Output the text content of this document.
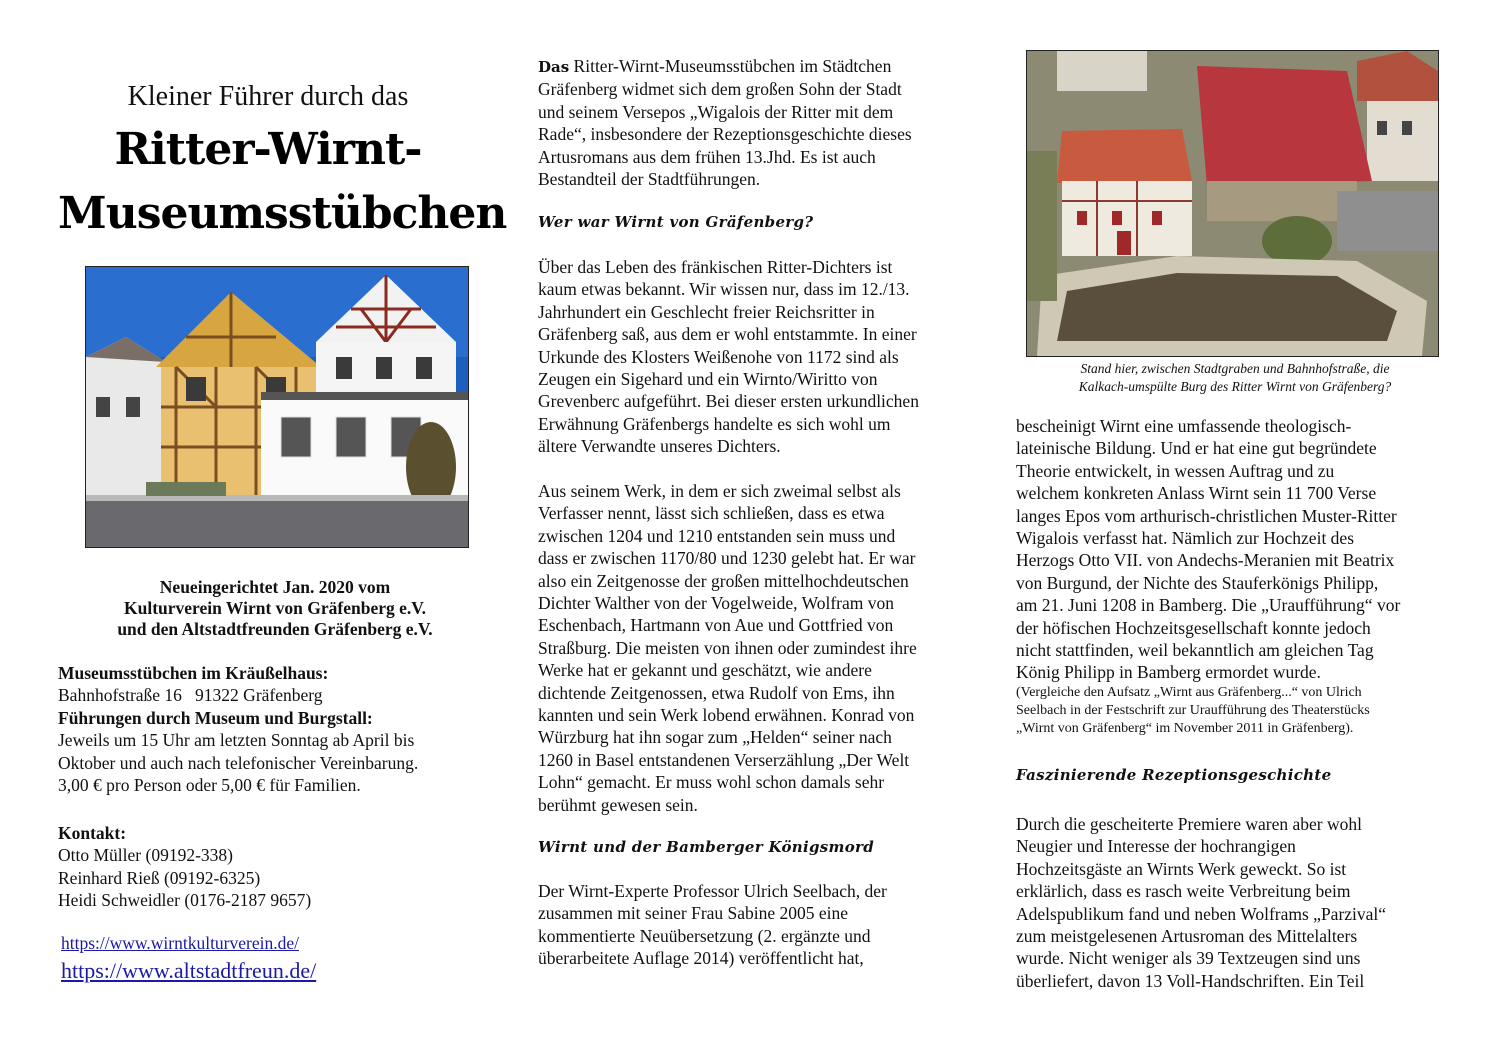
Kleiner Führer durch das
Ritter-Wirnt-
Museumsstübchen
Neueingerichtet Jan. 2020 vom
Kulturverein Wirnt von Gräfenberg e.V.
und den Altstadtfreunden Gräfenberg e.V.
Museumsstübchen im Kräußelhaus:
Bahnhofstraße 16   91322 Gräfenberg
Führungen durch Museum und Burgstall:
Jeweils um 15 Uhr am letzten Sonntag ab April bis
Oktober und auch nach telefonischer Vereinbarung.
3,00 € pro Person oder 5,00 € für Familien.
Kontakt:
Otto Müller (09192-338)
Reinhard Rieß (09192-6325)
Heidi Schweidler (0176-2187 9657)
https://www.wirntkulturverein.de/
https://www.altstadtfreun.de/
Das Ritter-Wirnt-Museumsstübchen im Städtchen
Gräfenberg widmet sich dem großen Sohn der Stadt
und seinem Versepos „Wigalois der Ritter mit dem
Rade“, insbesondere der Rezeptionsgeschichte dieses
Artusromans aus dem frühen 13.Jhd. Es ist auch
Bestandteil der Stadtführungen.
Wer war Wirnt von Gräfenberg?
Über das Leben des fränkischen Ritter-Dichters ist
kaum etwas bekannt. Wir wissen nur, dass im 12./13.
Jahrhundert ein Geschlecht freier Reichsritter in
Gräfenberg saß, aus dem er wohl entstammte. In einer
Urkunde des Klosters Weißenohe von 1172 sind als
Zeugen ein Sigehard und ein Wirnto/Wiritto von
Grevenberc aufgeführt. Bei dieser ersten urkundlichen
Erwähnung Gräfenbergs handelte es sich wohl um
ältere Verwandte unseres Dichters.
Aus seinem Werk, in dem er sich zweimal selbst als
Verfasser nennt, lässt sich schließen, dass es etwa
zwischen 1204 und 1210 entstanden sein muss und
dass er zwischen 1170/80 und 1230 gelebt hat. Er war
also ein Zeitgenosse der großen mittelhochdeutschen
Dichter Walther von der Vogelweide, Wolfram von
Eschenbach, Hartmann von Aue und Gottfried von
Straßburg. Die meisten von ihnen oder zumindest ihre
Werke hat er gekannt und geschätzt, wie andere
dichtende Zeitgenossen, etwa Rudolf von Ems, ihn
kannten und sein Werk lobend erwähnen. Konrad von
Würzburg hat ihn sogar zum „Helden“ seiner nach
1260 in Basel entstandenen Verserzählung „Der Welt
Lohn“ gemacht. Er muss wohl schon damals sehr
berühmt gewesen sein.
Wirnt und der Bamberger Königsmord
Der Wirnt-Experte Professor Ulrich Seelbach, der
zusammen mit seiner Frau Sabine 2005 eine
kommentierte Neuübersetzung (2. ergänzte und
überarbeitete Auflage 2014) veröffentlicht hat,
Stand hier, zwischen Stadtgraben und Bahnhofstraße, die
Kalkach-umspülte Burg des Ritter Wirnt von Gräfenberg?
bescheinigt Wirnt eine umfassende theologisch-
lateinische Bildung. Und er hat eine gut begründete
Theorie entwickelt, in wessen Auftrag und zu
welchem konkreten Anlass Wirnt sein 11 700 Verse
langes Epos vom arthurisch-christlichen Muster-Ritter
Wigalois verfasst hat. Nämlich zur Hochzeit des
Herzogs Otto VII. von Andechs-Meranien mit Beatrix
von Burgund, der Nichte des Stauferkönigs Philipp,
am 21. Juni 1208 in Bamberg. Die „Uraufführung“ vor
der höfischen Hochzeitsgesellschaft konnte jedoch
nicht stattfinden, weil bekanntlich am gleichen Tag
König Philipp in Bamberg ermordet wurde.
(Vergleiche den Aufsatz „Wirnt aus Gräfenberg...“ von Ulrich
Seelbach in der Festschrift zur Uraufführung des Theaterstücks
„Wirnt von Gräfenberg“ im November 2011 in Gräfenberg).
Faszinierende Rezeptionsgeschichte
Durch die gescheiterte Premiere waren aber wohl
Neugier und Interesse der hochrangigen
Hochzeitsgäste an Wirnts Werk geweckt. So ist
erklärlich, dass es rasch weite Verbreitung beim
Adelspublikum fand und neben Wolframs „Parzival“
zum meistgelesenen Artusroman des Mittelalters
wurde. Nicht weniger als 39 Textzeugen sind uns
überliefert, davon 13 Voll-Handschriften. Ein Teil
